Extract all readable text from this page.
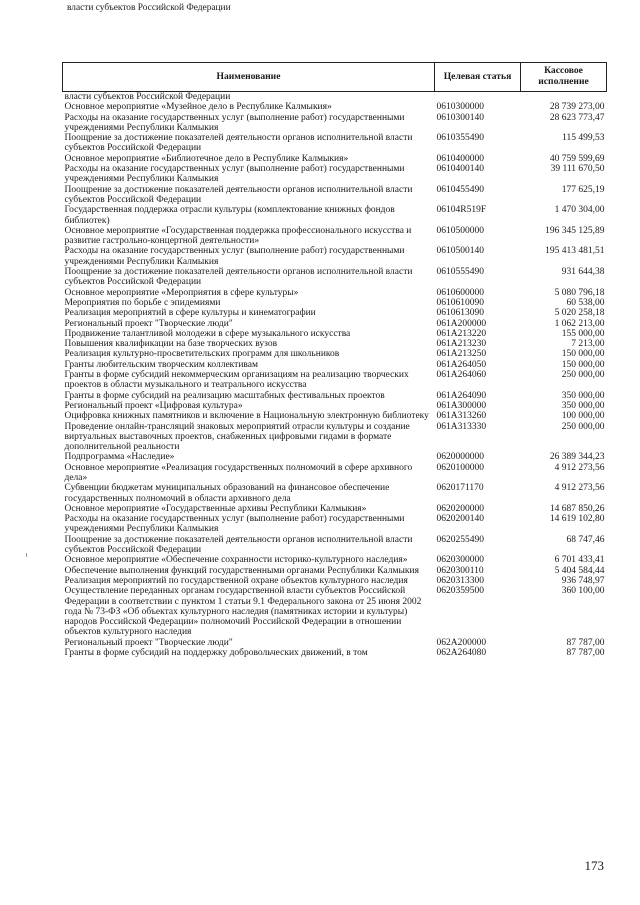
власти субъектов Российской Федерации
Наименование	Целевая статья	Кассовое исполнение
власти субъектов Российской Федерации		
Основное мероприятие «Музейное дело в Республике Калмыкия»	0610300000	28 739 273,00
Расходы на оказание государственных услуг (выполнение работ) государственными учреждениями Республики Калмыкия	0610300140	28 623 773,47
Поощрение за достижение показателей деятельности органов исполнительной власти субъектов Российской Федерации	0610355490	115 499,53
Основное мероприятие «Библиотечное дело в Республике Калмыкия»	0610400000	40 759 599,69
Расходы на оказание государственных услуг (выполнение работ) государственными учреждениями Республики Калмыкия	0610400140	39 111 670,50
Поощрение за достижение показателей деятельности органов исполнительной власти субъектов Российской Федерации	0610455490	177 625,19
Государственная поддержка отрасли культуры (комплектование книжных фондов библиотек)	06104R519F	1 470 304,00
Основное мероприятие «Государственная поддержка профессионального искусства и развитие гастрольно-концертной деятельности»	0610500000	196 345 125,89
Расходы на оказание государственных услуг (выполнение работ) государственными учреждениями Республики Калмыкия	0610500140	195 413 481,51
Поощрение за достижение показателей деятельности органов исполнительной власти субъектов Российской Федерации	0610555490	931 644,38
Основное мероприятие «Мероприятия в сфере культуры»	0610600000	5 080 796,18
Мероприятия по борьбе с эпидемиями	0610610090	60 538,00
Реализация мероприятий в сфере культуры и кинематографии	0610613090	5 020 258,18
Региональный проект "Творческие люди"	061A200000	1 062 213,00
Продвижение талантливой молодежи в сфере музыкального искусства	061A213220	155 000,00
Повышения квалификации на базе творческих вузов	061A213230	7 213,00
Реализация культурно-просветительских программ для школьников	061A213250	150 000,00
Гранты любительским творческим коллективам	061A264050	150 000,00
Гранты в форме субсидий некоммерческим организациям на реализацию творческих проектов в области музыкального и театрального искусства	061A264060	250 000,00
Гранты в форме субсидий на реализацию масштабных фестивальных проектов	061A264090	350 000,00
Региональный проект «Цифровая культура»	061A300000	350 000,00
Оцифровка книжных памятников и включение в Национальную электронную библиотеку	061A313260	100 000,00
Проведение онлайн-трансляций знаковых мероприятий отрасли культуры и создание виртуальных выставочных проектов, снабженных цифровыми гидами в формате дополнительной реальности	061A313330	250 000,00
Подпрограмма «Наследие»	0620000000	26 389 344,23
Основное мероприятие «Реализация государственных полномочий в сфере архивного дела»	0620100000	4 912 273,56
Субвенции бюджетам муниципальных образований на финансовое обеспечение государственных полномочий в области архивного дела	0620171170	4 912 273,56
Основное мероприятие «Государственные архивы Республики Калмыкия»	0620200000	14 687 850,26
Расходы на оказание государственных услуг (выполнение работ) государственными учреждениями Республики Калмыкия	0620200140	14 619 102,80
Поощрение за достижение показателей деятельности органов исполнительной власти субъектов Российской Федерации	0620255490	68 747,46
Основное мероприятие «Обеспечение сохранности историко-культурного наследия»	0620300000	6 701 433,41
Обеспечение выполнения функций государственными органами Республики Калмыкия	0620300110	5 404 584,44
Реализация мероприятий по государственной охране объектов культурного наследия	0620313300	936 748,97
Осуществление переданных органам государственной власти субъектов Российской Федерации в соответствии с пунктом 1 статьи 9.1 Федерального закона от 25 июня 2002 года № 73-ФЗ «Об объектах культурного наследия (памятниках истории и культуры) народов Российской Федерации» полномочий Российской Федерации в отношении объектов культурного наследия	0620359500	360 100,00
Региональный проект "Творческие люди"	062A200000	87 787,00
Гранты в форме субсидий на поддержку добровольческих движений, в том	062A264080	87 787,00
173
